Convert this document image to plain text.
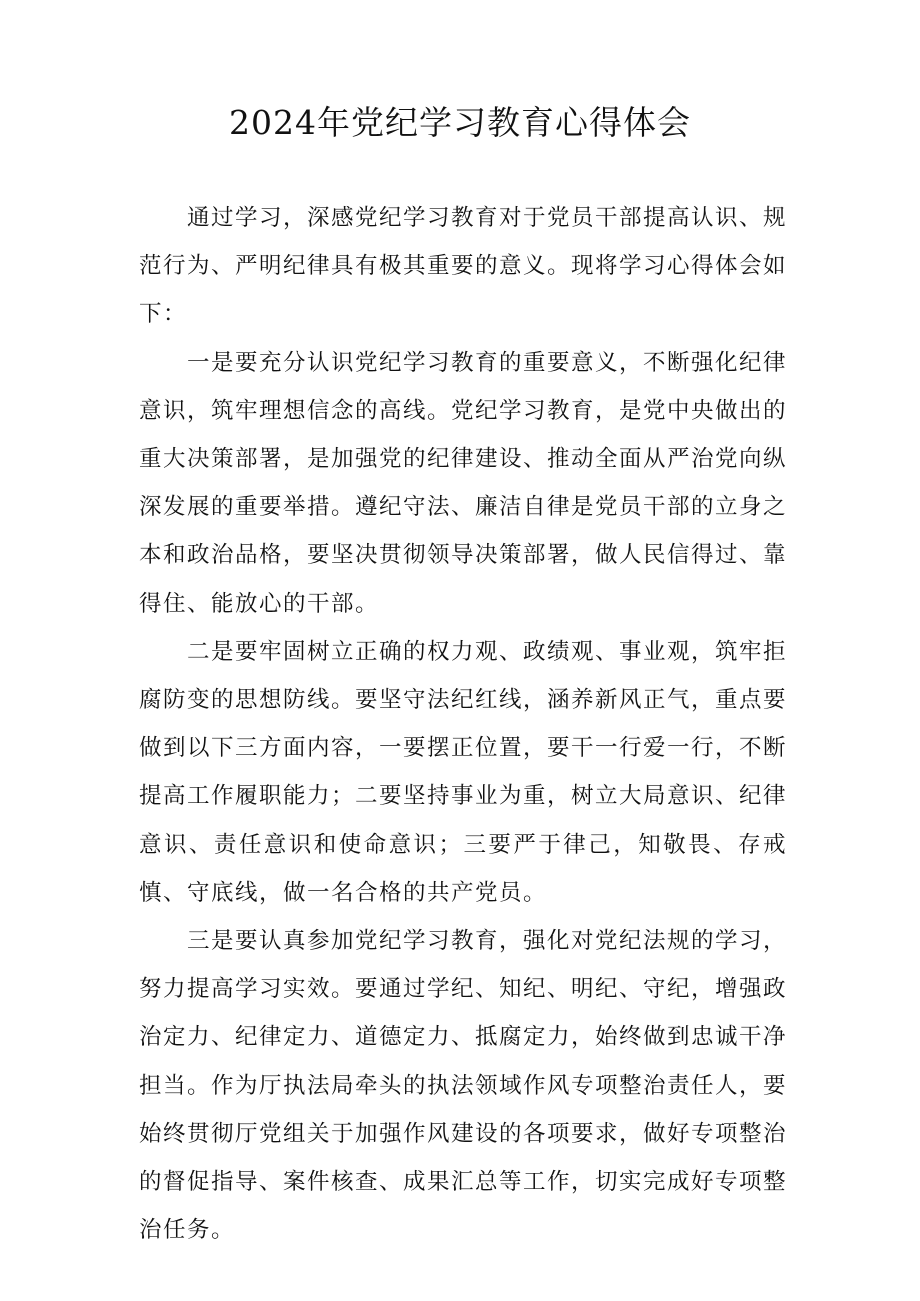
2024年党纪学习教育心得体会

通过学习，深感党纪学习教育对于党员干部提高认识、规范行为、严明纪律具有极其重要的意义。现将学习心得体会如下：

一是要充分认识党纪学习教育的重要意义，不断强化纪律意识，筑牢理想信念的高线。党纪学习教育，是党中央做出的重大决策部署，是加强党的纪律建设、推动全面从严治党向纵深发展的重要举措。遵纪守法、廉洁自律是党员干部的立身之本和政治品格，要坚决贯彻领导决策部署，做人民信得过、靠得住、能放心的干部。

二是要牢固树立正确的权力观、政绩观、事业观，筑牢拒腐防变的思想防线。要坚守法纪红线，涵养新风正气，重点要做到以下三方面内容，一要摆正位置，要干一行爱一行，不断提高工作履职能力；二要坚持事业为重，树立大局意识、纪律意识、责任意识和使命意识；三要严于律己，知敬畏、存戒慎、守底线，做一名合格的共产党员。

三是要认真参加党纪学习教育，强化对党纪法规的学习，努力提高学习实效。要通过学纪、知纪、明纪、守纪，增强政治定力、纪律定力、道德定力、抵腐定力，始终做到忠诚干净担当。作为厅执法局牵头的执法领域作风专项整治责任人，要始终贯彻厅党组关于加强作风建设的各项要求，做好专项整治的督促指导、案件核查、成果汇总等工作，切实完成好专项整治任务。
